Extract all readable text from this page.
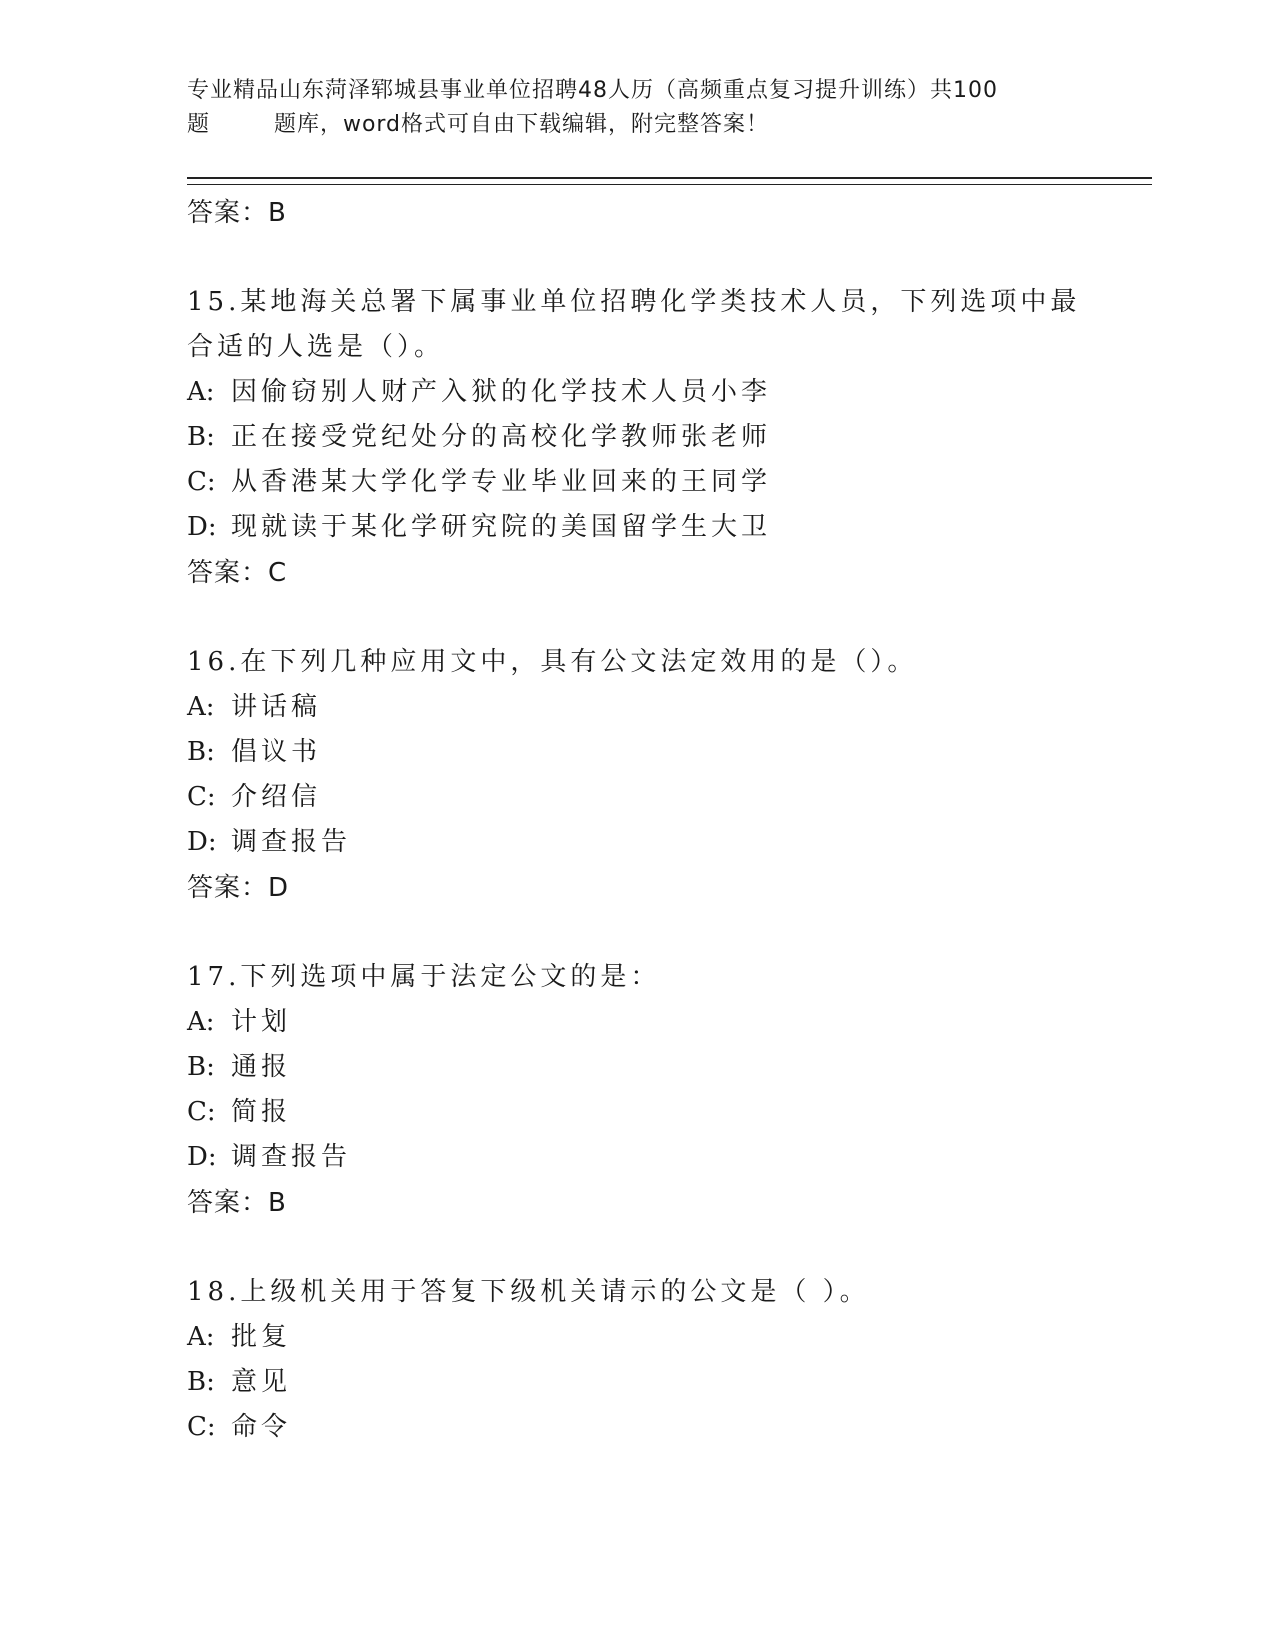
专业精品山东菏泽郓城县事业单位招聘48人历（高频重点复习提升训练）共100
题        题库，word格式可自由下载编辑，附完整答案！
答案：B
15.某地海关总署下属事业单位招聘化学类技术人员，下列选项中最合适的人选是（）。
A: 因偷窃别人财产入狱的化学技术人员小李
B: 正在接受党纪处分的高校化学教师张老师
C: 从香港某大学化学专业毕业回来的王同学
D: 现就读于某化学研究院的美国留学生大卫
答案：C
16.在下列几种应用文中，具有公文法定效用的是（）。
A: 讲话稿
B: 倡议书
C: 介绍信
D: 调查报告
答案：D
17.下列选项中属于法定公文的是：
A: 计划
B: 通报
C: 简报
D: 调查报告
答案：B
18.上级机关用于答复下级机关请示的公文是（ ）。
A: 批复
B: 意见
C: 命令
